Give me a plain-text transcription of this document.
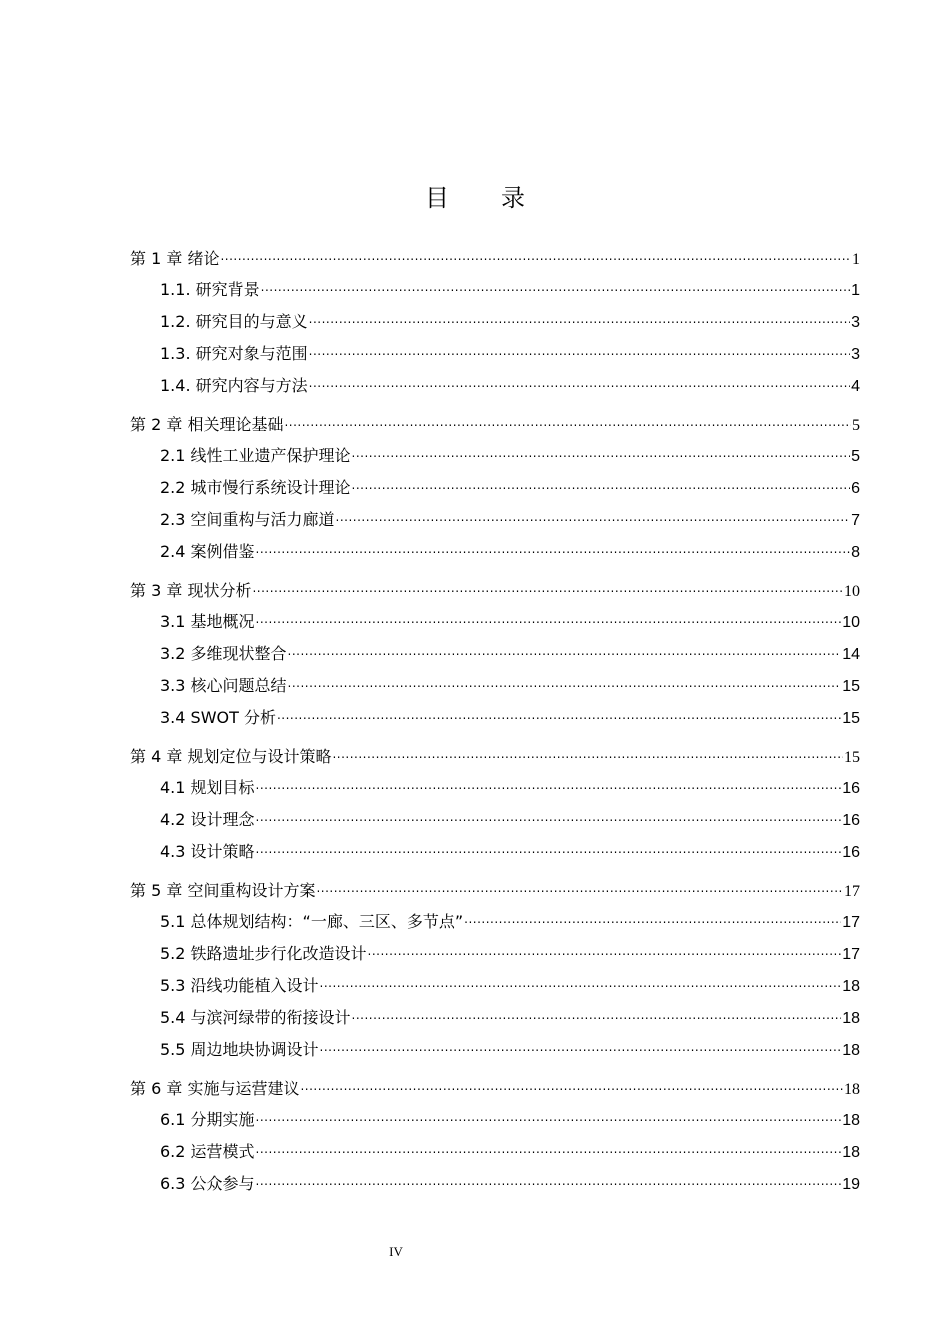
目 录
第 1 章 绪论 .....	1
1.1. 研究背景 .....	1
1.2. 研究目的与意义 .....	3
1.3. 研究对象与范围 .....	3
1.4. 研究内容与方法 .....	4
第 2 章 相关理论基础 .....	5
2.1 线性工业遗产保护理论 .....	5
2.2 城市慢行系统设计理论 .....	6
2.3 空间重构与活力廊道 .....	7
2.4 案例借鉴 .....	8
第 3 章 现状分析 .....	10
3.1 基地概况 .....	10
3.2 多维现状整合 .....	14
3.3 核心问题总结 .....	15
3.4 SWOT 分析 .....	15
第 4 章 规划定位与设计策略 .....	15
4.1 规划目标 .....	16
4.2 设计理念 .....	16
4.3 设计策略 .....	16
第 5 章 空间重构设计方案 .....	17
5.1 总体规划结构：“一廊、三区、多节点” .....	17
5.2 铁路遗址步行化改造设计 .....	17
5.3 沿线功能植入设计 .....	18
5.4 与滨河绿带的衔接设计 .....	18
5.5 周边地块协调设计 .....	18
第 6 章 实施与运营建议 .....	18
6.1 分期实施 .....	18
6.2 运营模式 .....	18
6.3 公众参与 .....	19
IV
